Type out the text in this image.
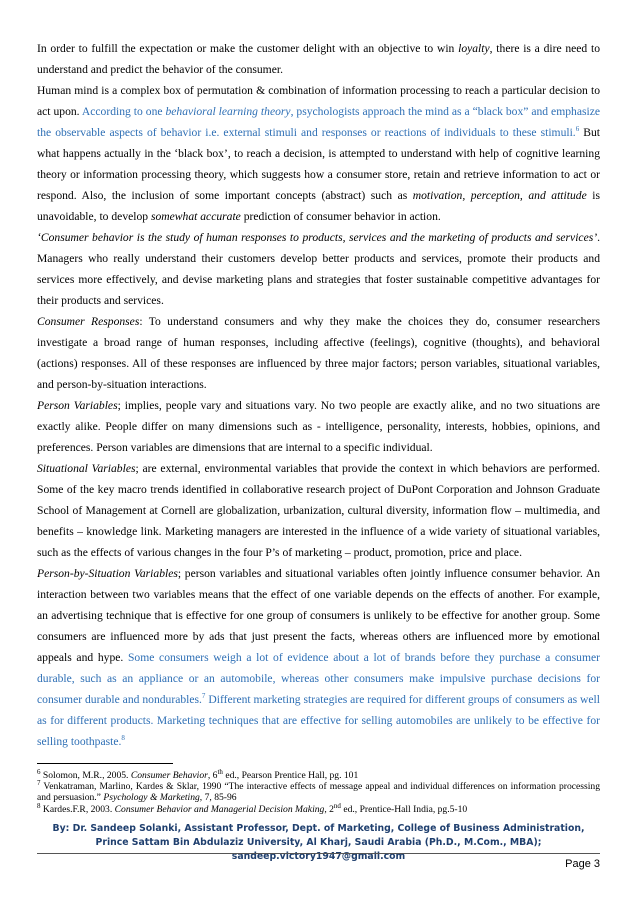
In order to fulfill the expectation or make the customer delight with an objective to win loyalty, there is a dire need to understand and predict the behavior of the consumer.

Human mind is a complex box of permutation & combination of information processing to reach a particular decision to act upon. According to one behavioral learning theory, psychologists approach the mind as a “black box” and emphasize the observable aspects of behavior i.e. external stimuli and responses or reactions of individuals to these stimuli.$^6$ But what happens actually in the ‘black box’, to reach a decision, is attempted to understand with help of cognitive learning theory or information processing theory, which suggests how a consumer store, retain and retrieve information to act or respond. Also, the inclusion of some important concepts (abstract) such as motivation, perception, and attitude is unavoidable, to develop somewhat accurate prediction of consumer behavior in action.

‘Consumer behavior is the study of human responses to products, services and the marketing of products and services’. Managers who really understand their customers develop better products and services, promote their products and services more effectively, and devise marketing plans and strategies that foster sustainable competitive advantages for their products and services.

Consumer Responses: To understand consumers and why they make the choices they do, consumer researchers investigate a broad range of human responses, including affective (feelings), cognitive (thoughts), and behavioral (actions) responses. All of these responses are influenced by three major factors; person variables, situational variables, and person-by-situation interactions.

Person Variables; implies, people vary and situations vary. No two people are exactly alike, and no two situations are exactly alike. People differ on many dimensions such as - intelligence, personality, interests, hobbies, opinions, and preferences. Person variables are dimensions that are internal to a specific individual.

Situational Variables; are external, environmental variables that provide the context in which behaviors are performed. Some of the key macro trends identified in collaborative research project of DuPont Corporation and Johnson Graduate School of Management at Cornell are globalization, urbanization, cultural diversity, information flow – multimedia, and benefits – knowledge link. Marketing managers are interested in the influence of a wide variety of situational variables, such as the effects of various changes in the four P’s of marketing – product, promotion, price and place.

Person-by-Situation Variables; person variables and situational variables often jointly influence consumer behavior. An interaction between two variables means that the effect of one variable depends on the effects of another. For example, an advertising technique that is effective for one group of consumers is unlikely to be effective for another group. Some consumers are influenced more by ads that just present the facts, whereas others are influenced more by emotional appeals and hype. Some consumers weigh a lot of evidence about a lot of brands before they purchase a consumer durable, such as an appliance or an automobile, whereas other consumers make impulsive purchase decisions for consumer durable and nondurables.$^7$ Different marketing strategies are required for different groups of consumers as well as for different products. Marketing techniques that are effective for selling automobiles are unlikely to be effective for selling toothpaste.$^8$

$^6$ Solomon, M.R., 2005. Consumer Behavior, 6th ed., Pearson Prentice Hall, pg. 101

$^7$ Venkatraman, Marlino, Kardes & Sklar, 1990 “The interactive effects of message appeal and individual differences on information processing and persuasion.” Psychology & Marketing, 7, 85-96

$^8$ Kardes.F.R, 2003. Consumer Behavior and Managerial Decision Making, 2nd ed., Prentice-Hall India, pg.5-10

By: Dr. Sandeep Solanki, Assistant Professor, Dept. of Marketing, College of Business Administration, Prince Sattam Bin Abdulaziz University, Al Kharj, Saudi Arabia (Ph.D., M.Com., MBA); sandeep.victory1947@gmail.com
Page 3
